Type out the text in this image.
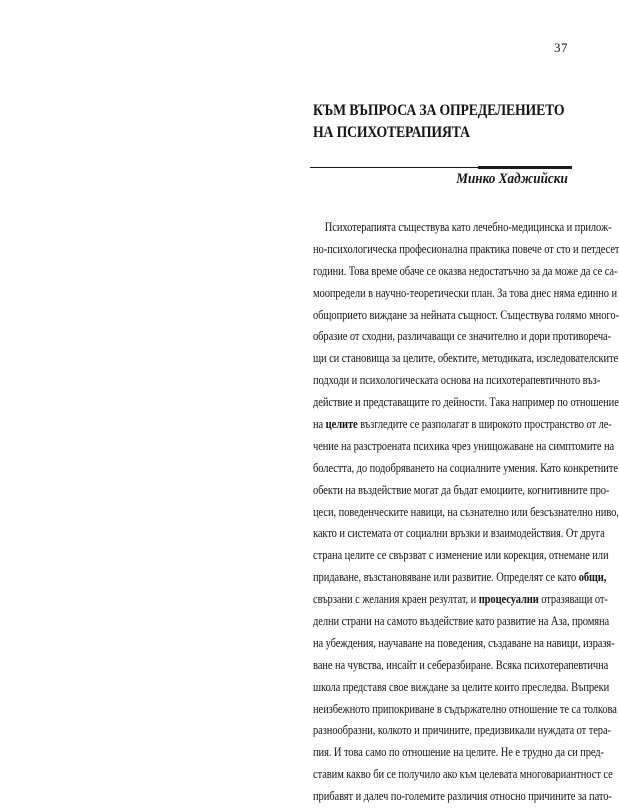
37
КЪМ ВЪПРОСА ЗА ОПРЕДЕЛЕНИЕТО
НА ПСИХОТЕРАПИЯТА
Минко Хаджийски
Психотерапията съществува като лечебно-медицинска и прилож-
но-психологическа професионална практика повече от сто и петдесет
години. Това време обаче се оказва недостатъчно за да може да се са-
моопредели в научно-теоретически план. За това днес няма единно и
общоприето виждане за нейната същност. Съществува голямо много-
образие от сходни, различаващи се значително и дори противоречa-
щи си становища за целите, обектите, методиката, изследователските
подходи и психологическата основа на психотерапевтичното въз-
действие и представащите го дейности. Така например по отношение
на целите възгледите се разполагат в широкото пространство от ле-
чение на разстроената психика чрез унищожаване на симптомите на
болестта, до подобряването на социалните умения. Като конкретните
обекти на въздействие могат да бъдат емоциите, когнитивните про-
цеси, поведенческите навици, на съзнателно или безсъзнателно ниво,
както и системата от социални връзки и взаимодействия. От друга
страна целите се свързват с изменение или корекция, отнемане или
придаване, възстановяване или развитие. Определят се като общи,
свързани с желания краен резултат, и процесуални отразяващи от-
делни страни на самото въздействие като развитие на Аза, промяна
на убеждения, научаване на поведения, създаване на навици, изразя-
ване на чувства, инсайт и себеразбиране. Всяка психотерапевтична
школа представя свое виждане за целите които преследва. Въпреки
неизбежното припокриване в съдържателно отношение те са толкова
разнообразни, колкото и причините, предизвикали нуждата от тера-
пия. И това само по отношение на целите. Не е трудно да си пред-
ставим какво би се получило ако към целевата многовариантност се
прибавят и далеч по-големите различия относно причините за пато-
